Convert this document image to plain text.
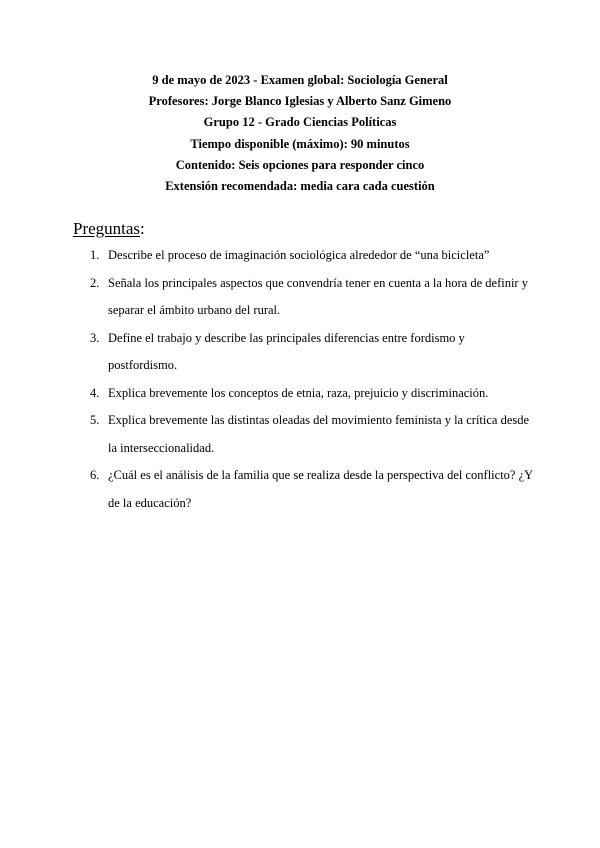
9 de mayo de 2023 - Examen global: Sociología General
Profesores: Jorge Blanco Iglesias y Alberto Sanz Gimeno
Grupo 12 - Grado Ciencias Políticas
Tiempo disponible (máximo): 90 minutos
Contenido: Seis opciones para responder cinco
Extensión recomendada: media cara cada cuestión
Preguntas:
1. Describe el proceso de imaginación sociológica alrededor de “una bicicleta”
2. Señala los principales aspectos que convendría tener en cuenta a la hora de definir y separar el ámbito urbano del rural.
3. Define el trabajo y describe las principales diferencias entre fordismo y postfordismo.
4. Explica brevemente los conceptos de etnia, raza, prejuicio y discriminación.
5. Explica brevemente las distintas oleadas del movimiento feminista y la crítica desde la interseccionalidad.
6. ¿Cuál es el análisis de la familia que se realiza desde la perspectiva del conflicto? ¿Y de la educación?
